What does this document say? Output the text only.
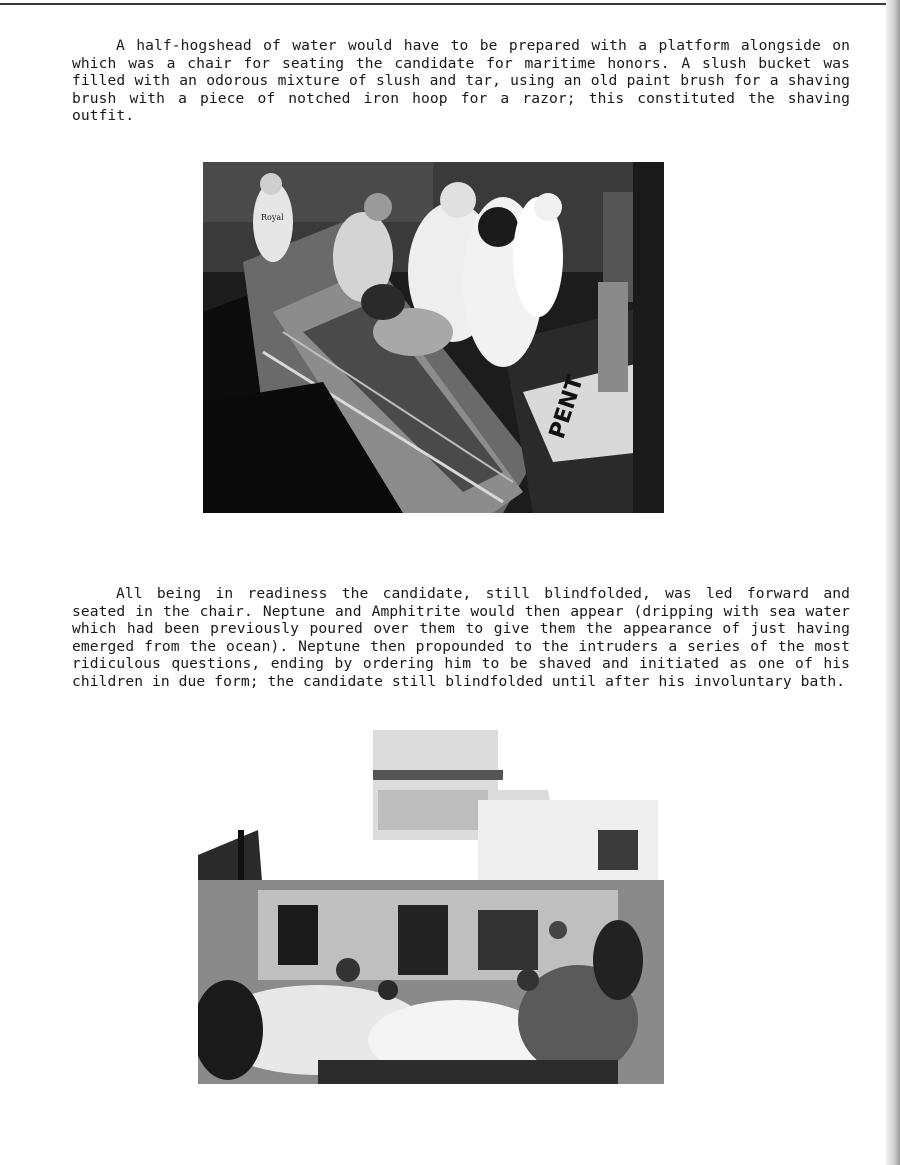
A half-hogshead of water would have to be prepared with a platform alongside on which was a chair for seating the candidate for maritime honors. A slush bucket was filled with an odorous mixture of slush and tar, using an old paint brush for a shaving brush with a piece of notched iron hoop for a razor; this constituted the shaving outfit.

PENT
Royal

All being in readiness the candidate, still blindfolded, was led forward and seated in the chair. Neptune and Amphitrite would then appear (dripping with sea water which had been previously poured over them to give them the appearance of just having emerged from the ocean). Neptune then propounded to the intruders a series of the most ridiculous questions, ending by ordering him to be shaved and initiated as one of his children in due form; the candidate still blindfolded until after his involuntary bath.
